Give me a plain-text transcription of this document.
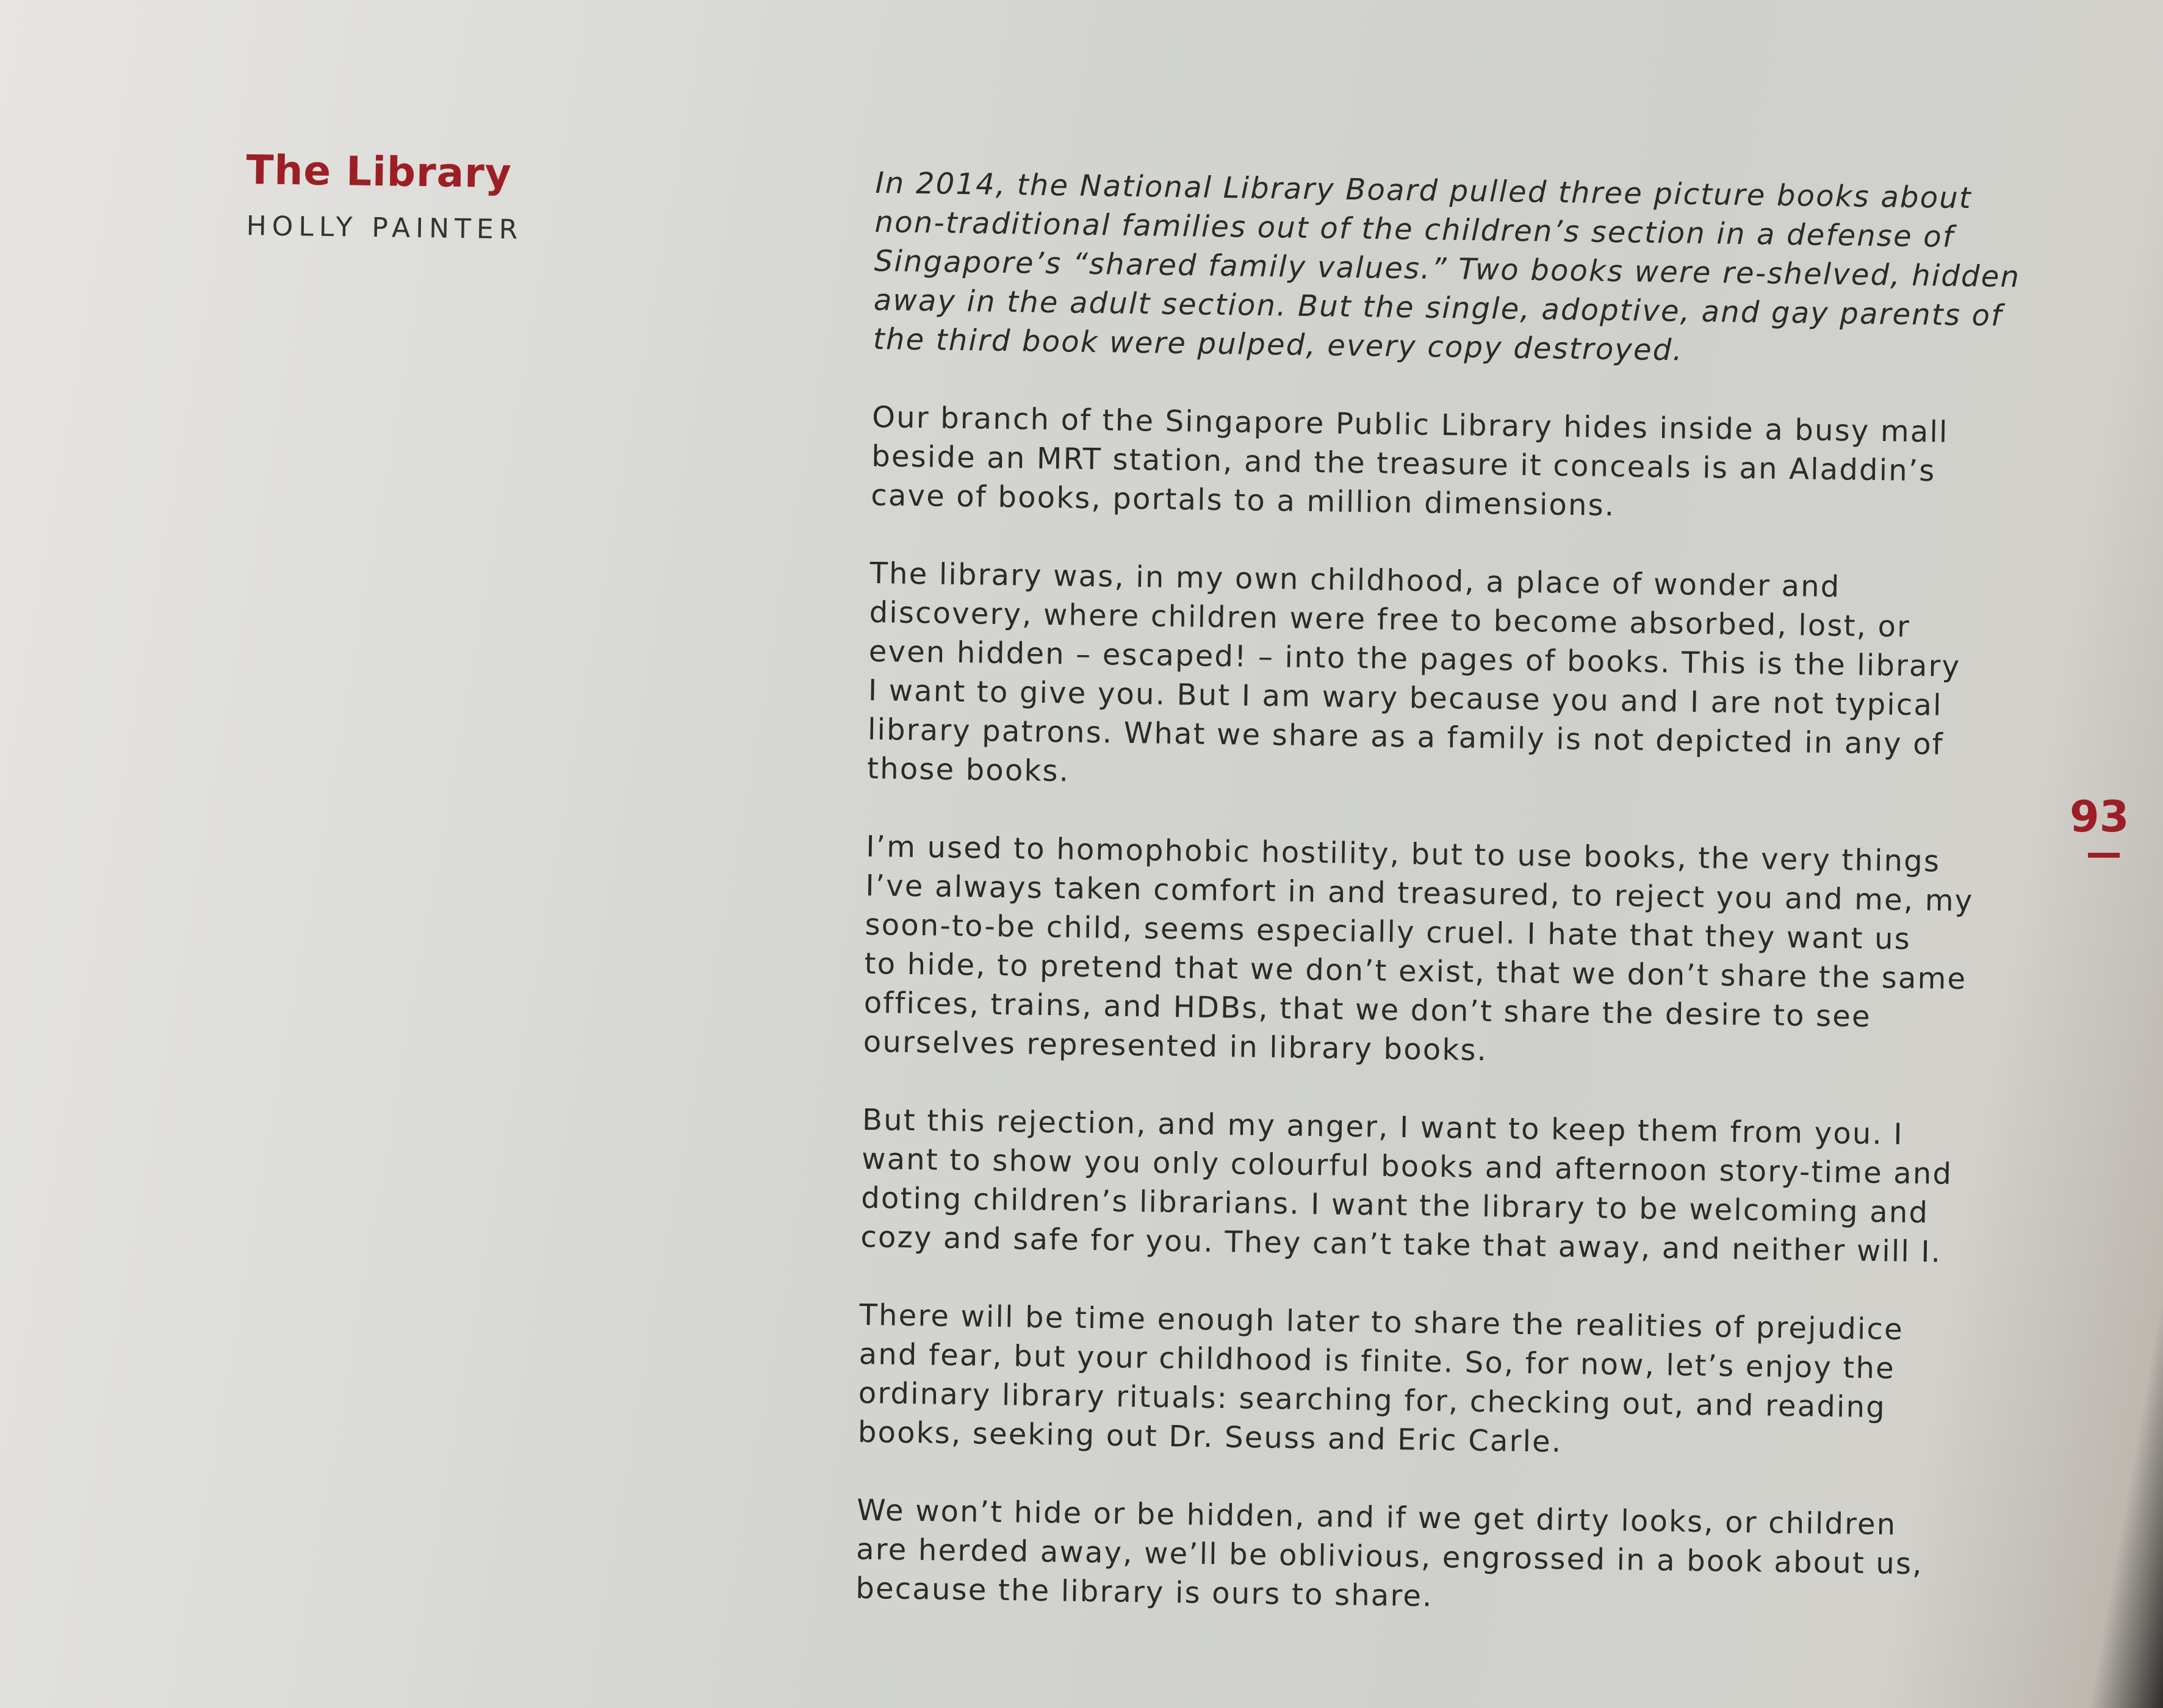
The Library
HOLLY PAINTER

In 2014, the National Library Board pulled three picture books about
non-traditional families out of the children’s section in a defense of
Singapore’s “shared family values.” Two books were re-shelved, hidden
away in the adult section. But the single, adoptive, and gay parents of
the third book were pulped, every copy destroyed.

Our branch of the Singapore Public Library hides inside a busy mall
beside an MRT station, and the treasure it conceals is an Aladdin’s
cave of books, portals to a million dimensions.

The library was, in my own childhood, a place of wonder and
discovery, where children were free to become absorbed, lost, or
even hidden – escaped! – into the pages of books. This is the library
I want to give you. But I am wary because you and I are not typical
library patrons. What we share as a family is not depicted in any of
those books.

I’m used to homophobic hostility, but to use books, the very things
I’ve always taken comfort in and treasured, to reject you and me, my
soon-to-be child, seems especially cruel. I hate that they want us
to hide, to pretend that we don’t exist, that we don’t share the same
offices, trains, and HDBs, that we don’t share the desire to see
ourselves represented in library books.

But this rejection, and my anger, I want to keep them from you. I
want to show you only colourful books and afternoon story-time and
doting children’s librarians. I want the library to be welcoming and
cozy and safe for you. They can’t take that away, and neither will I.

There will be time enough later to share the realities of prejudice
and fear, but your childhood is finite. So, for now, let’s enjoy the
ordinary library rituals: searching for, checking out, and reading
books, seeking out Dr. Seuss and Eric Carle.

We won’t hide or be hidden, and if we get dirty looks, or children
are herded away, we’ll be oblivious, engrossed in a book about us,
because the library is ours to share.

93
